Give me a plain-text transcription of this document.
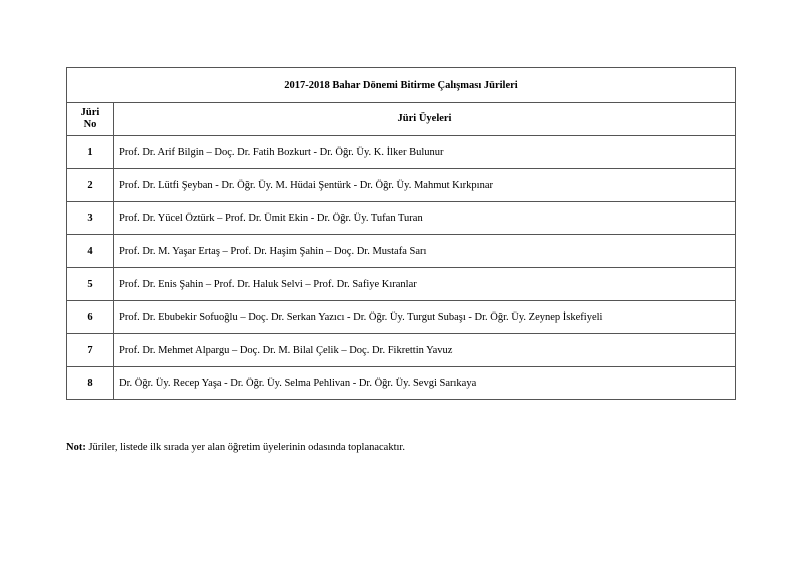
2017-2018 Bahar Dönemi Bitirme Çalışması Jürileri	
Jüri
No	Jüri Üyeleri
1	Prof. Dr. Arif Bilgin – Doç. Dr. Fatih Bozkurt - Dr. Öğr. Üy. K. İlker Bulunur
2	Prof. Dr. Lütfi Şeyban - Dr. Öğr. Üy. M. Hüdai Şentürk - Dr. Öğr. Üy. Mahmut Kırkpınar
3	Prof. Dr. Yücel Öztürk – Prof. Dr. Ümit Ekin - Dr. Öğr. Üy. Tufan Turan
4	Prof. Dr. M. Yaşar Ertaş – Prof. Dr. Haşim Şahin – Doç. Dr. Mustafa Sarı
5	Prof. Dr. Enis Şahin – Prof. Dr. Haluk Selvi – Prof. Dr. Safiye Kıranlar
6	Prof. Dr. Ebubekir Sofuoğlu – Doç. Dr. Serkan Yazıcı - Dr. Öğr. Üy. Turgut Subaşı - Dr. Öğr. Üy. Zeynep İskefiyeli
7	Prof. Dr. Mehmet Alpargu – Doç. Dr. M. Bilal Çelik – Doç. Dr. Fikrettin Yavuz
8	Dr. Öğr. Üy. Recep Yaşa - Dr. Öğr. Üy. Selma Pehlivan - Dr. Öğr. Üy. Sevgi Sarıkaya
Not: Jüriler, listede ilk sırada yer alan öğretim üyelerinin odasında toplanacaktır.
